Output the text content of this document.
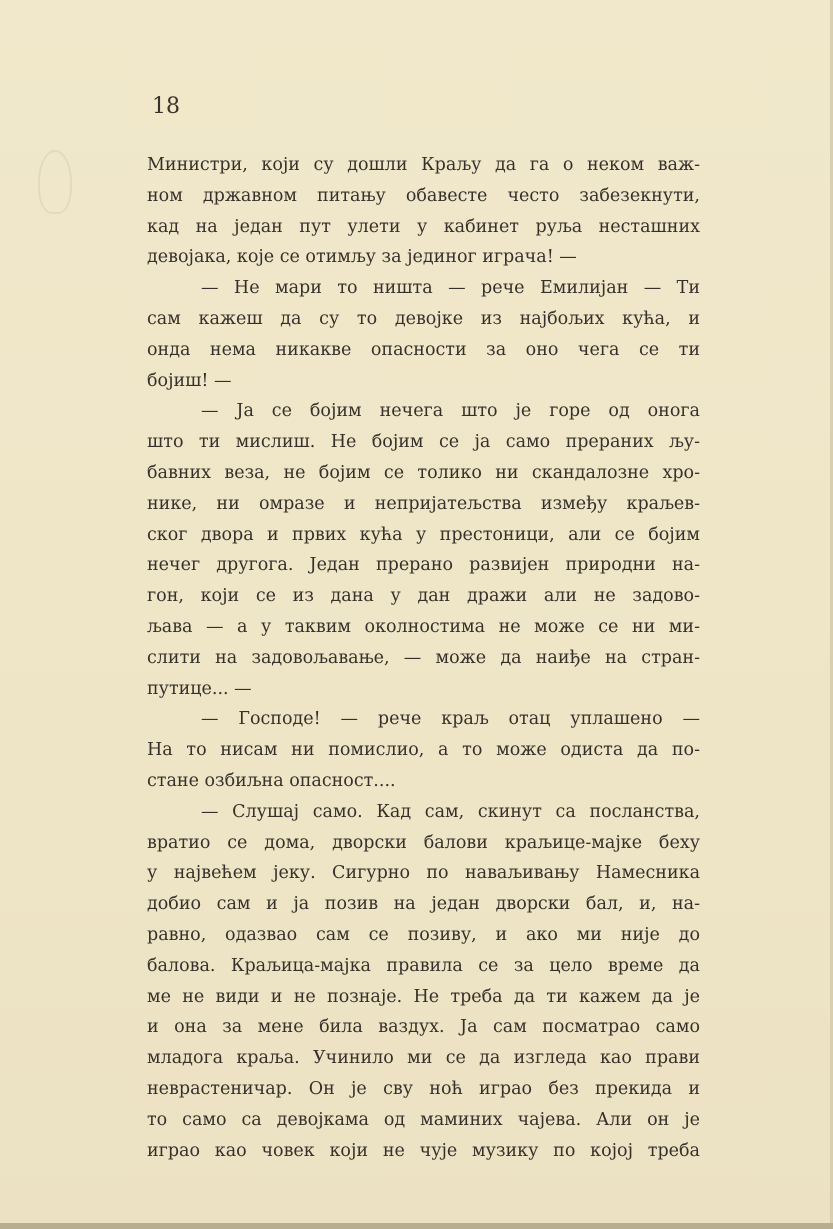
18
Министри, који су дошли Краљу да га о неком важ-
ном државном питању обавесте често забезекнути,
кад на један пут улети у кабинет руља несташних
девојака, које се отимљу за јединог играча! —
— Не мари то ништа — рече Емилијан — Ти
сам кажеш да су то девојке из најбољих кућа, и
онда нема никакве опасности за оно чега се ти
бојиш! —
— Ја се бојим нечега што је горе од онога
што ти мислиш. Не бојим се ја само прераних љу-
бавних веза, не бојим се толико ни скандалозне хро-
нике, ни омразе и непријатељства између краљев-
ског двора и првих кућа у престоници, али се бојим
нечег другога. Један прерано развијен природни на-
гон, који се из дана у дан дражи али не задово-
љава — а у таквим околностима не може се ни ми-
слити на задовољавање, — може да наиђе на стран-
путице... —
— Господе! — рече краљ отац уплашено —
На то нисам ни помислио, а то може одиста да по-
стане озбиљна опасност....
— Слушај само. Кад сам, скинут са посланства,
вратио се дома, дворски балови краљице-мајке беху
у највећем јеку. Сигурно по наваљивању Намесника
добио сам и ја позив на један дворски бал, и, на-
равно, одазвао сам се позиву, и ако ми није до
балова. Краљица-мајка правила се за цело време да
ме не види и не познаје. Не треба да ти кажем да је
и она за мене била ваздух. Ја сам посматрао само
младога краља. Учинило ми се да изгледа као прави
неврастеничар. Он је сву ноћ играо без прекида и
то само са девојкама од маминих чајева. Али он је
играо као човек који не чује музику по којој треба
